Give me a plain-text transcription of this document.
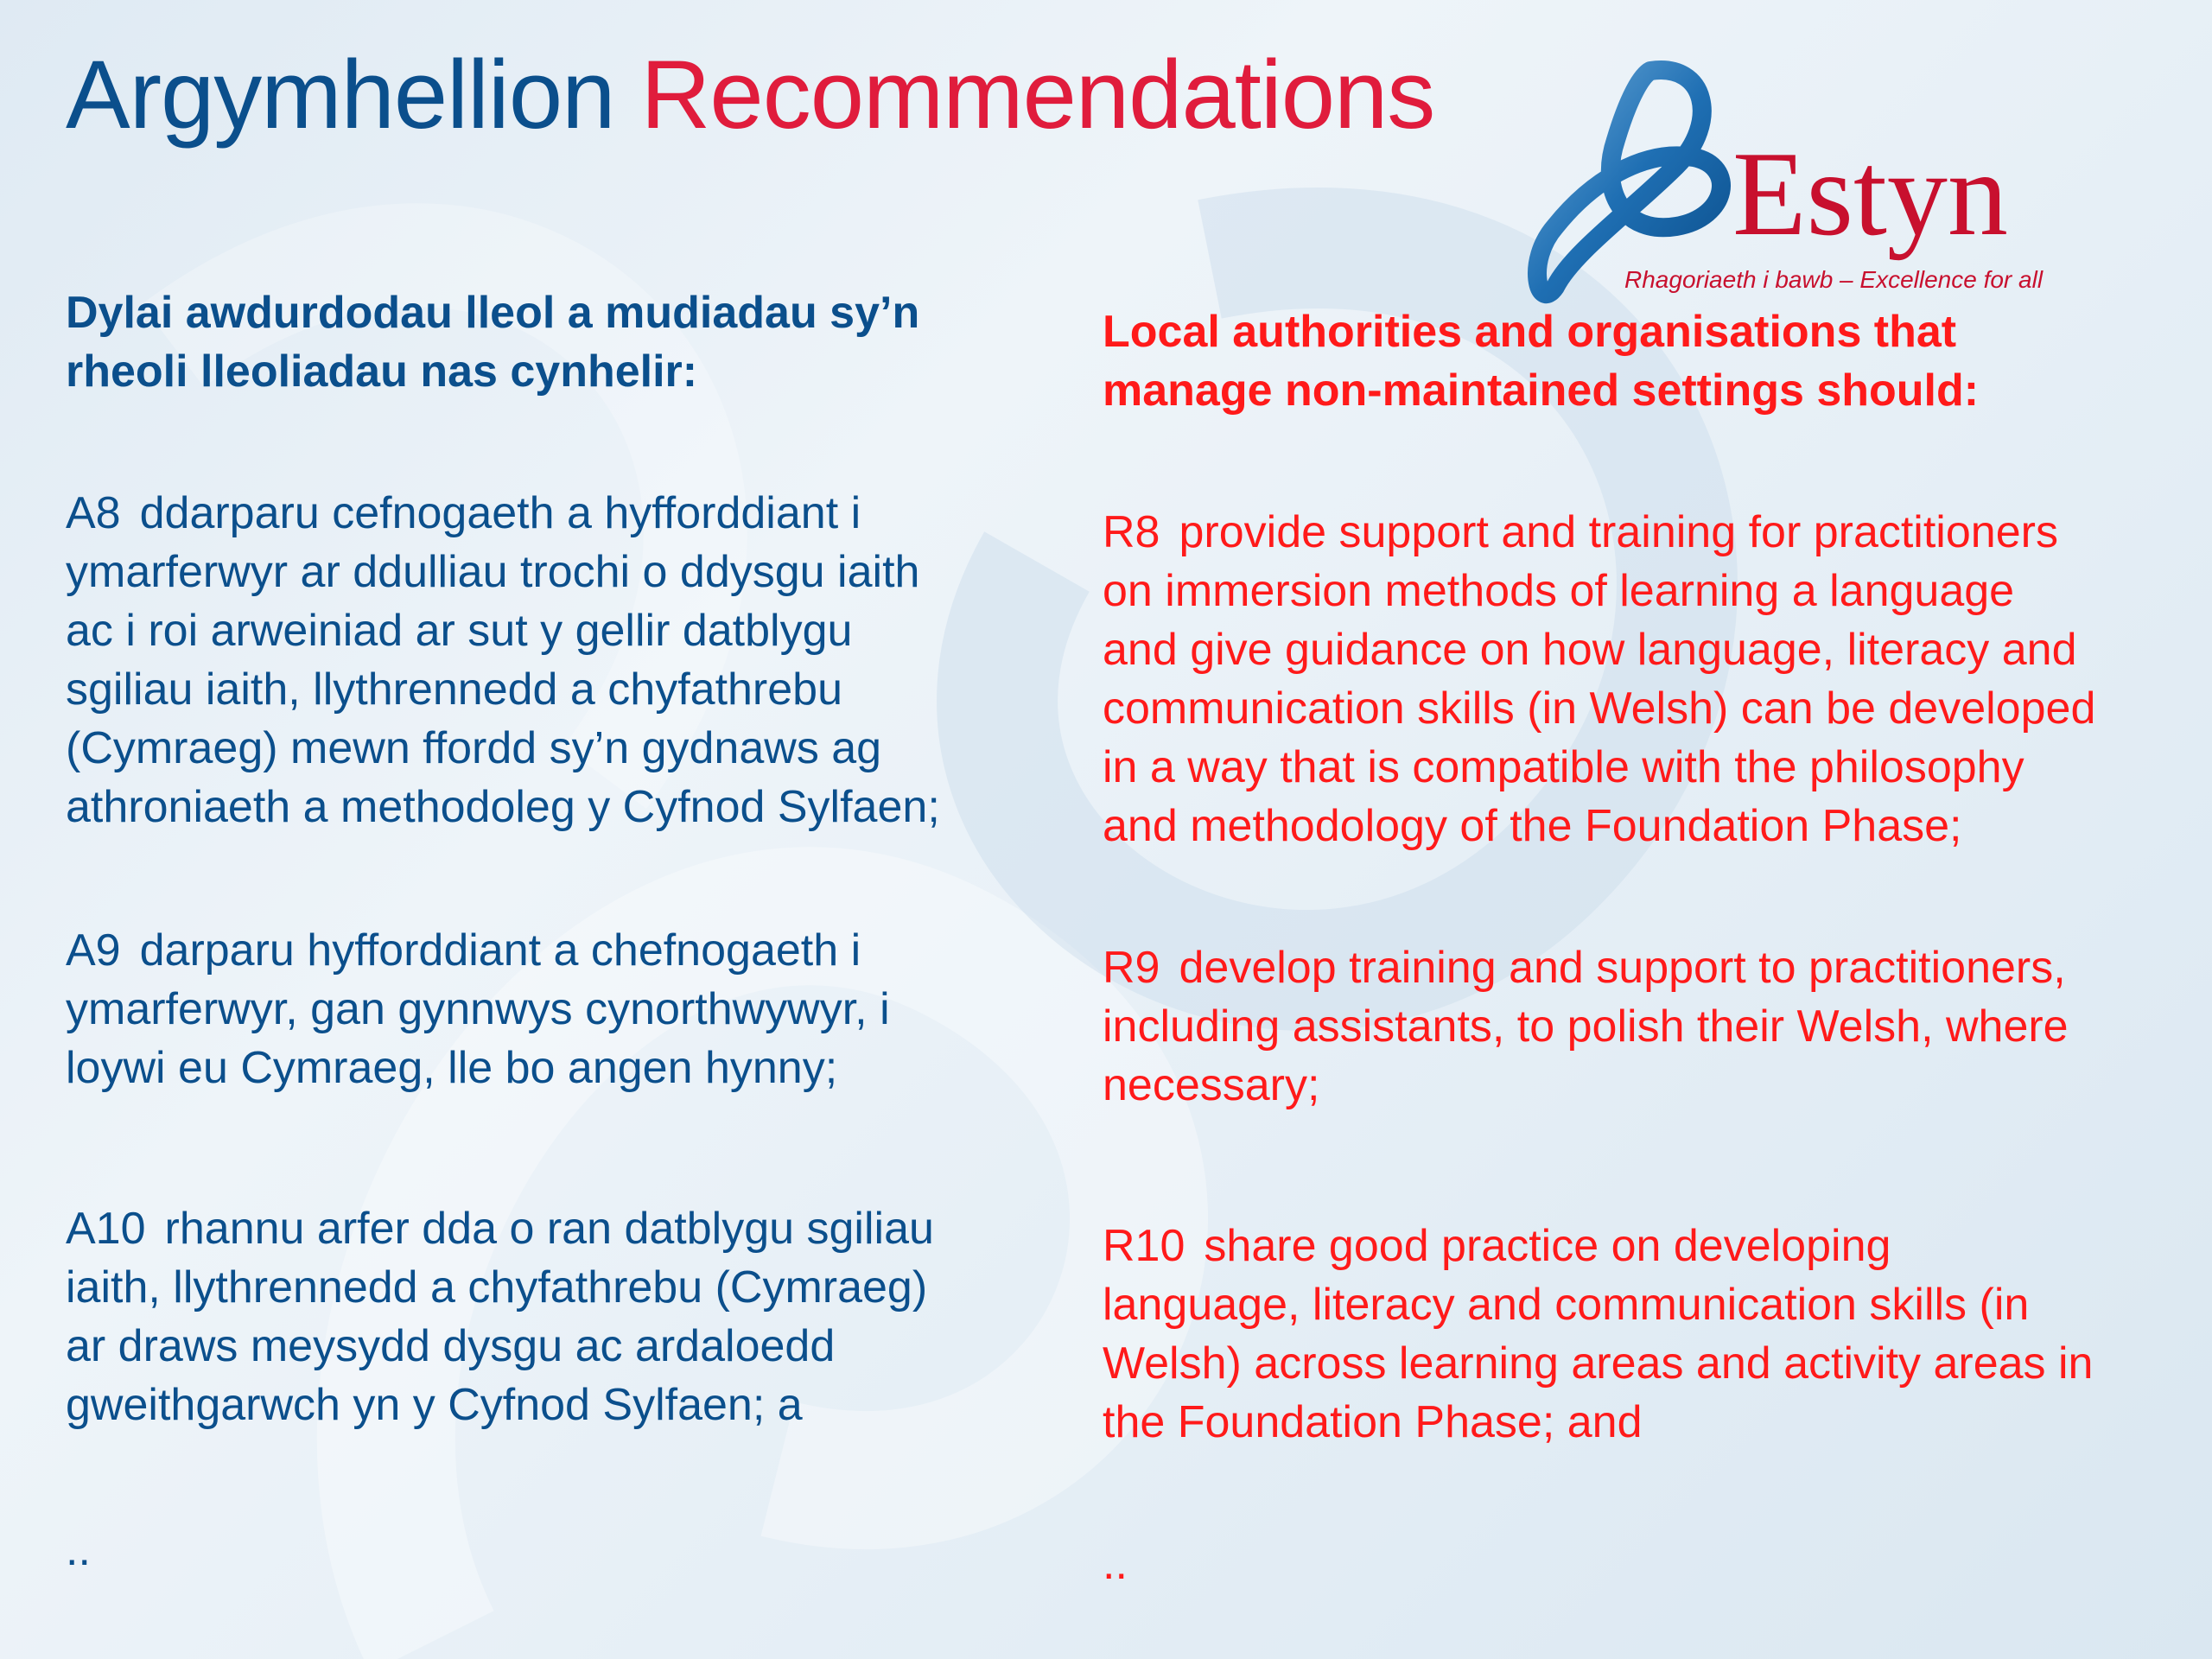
Argymhellion Recommendations
Estyn
Rhagoriaeth i bawb – Excellence for all
Dylai awdurdodau lleol a mudiadau sy’n
rheoli lleoliadau nas cynhelir:

A8 ddarparu cefnogaeth a hyfforddiant i
ymarferwyr ar ddulliau trochi o ddysgu iaith
ac i roi arweiniad ar sut y gellir datblygu
sgiliau iaith, llythrennedd a chyfathrebu
(Cymraeg) mewn ffordd sy’n gydnaws ag
athroniaeth a methodoleg y Cyfnod Sylfaen;

A9 darparu hyfforddiant a chefnogaeth i
ymarferwyr, gan gynnwys cynorthwywyr, i
loywi eu Cymraeg, lle bo angen hynny;

A10 rhannu arfer dda o ran datblygu sgiliau
iaith, llythrennedd a chyfathrebu (Cymraeg)
ar draws meysydd dysgu ac ardaloedd
gweithgarwch yn y Cyfnod Sylfaen; a

..

Local authorities and organisations that
manage non-maintained settings should:

R8 provide support and training for practitioners
on immersion methods of learning a language
and give guidance on how language, literacy and
communication skills (in Welsh) can be developed
in a way that is compatible with the philosophy
and methodology of the Foundation Phase;

R9 develop training and support to practitioners,
including assistants, to polish their Welsh, where
necessary;

R10 share good practice on developing
language, literacy and communication skills (in
Welsh) across learning areas and activity areas in
the Foundation Phase; and

..
